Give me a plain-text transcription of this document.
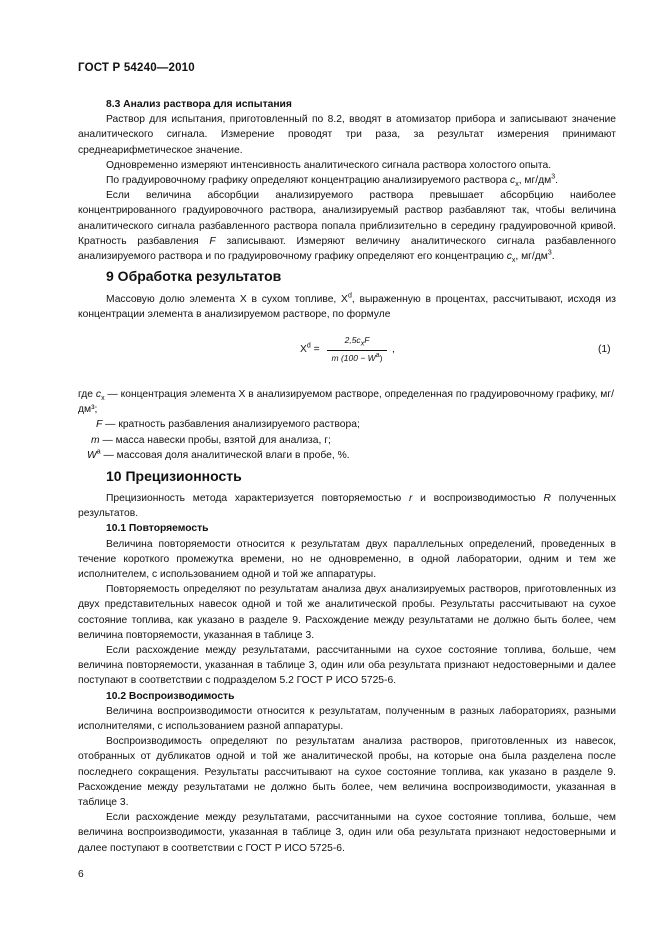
ГОСТ Р 54240—2010

8.3 Анализ раствора для испытания

Раствор для испытания, приготовленный по 8.2, вводят в атомизатор прибора и записывают значение аналитического сигнала. Измерение проводят три раза, за результат измерения принимают среднеарифметическое значение.

Одновременно измеряют интенсивность аналитического сигнала раствора холостого опыта.

По градуировочному графику определяют концентрацию анализируемого раствора $c_x$, $мг/дм^3$.

Если величина абсорбции анализируемого раствора превышает абсорбцию наиболее концентрированного градуировочного раствора, анализируемый раствор разбавляют так, чтобы величина аналитического сигнала разбавленного раствора попала приблизительно в середину градуировочной кривой. Кратность разбавления F записывают. Измеряют величину аналитического сигнала разбавленного анализируемого раствора и по градуировочному графику определяют его концентрацию $c_x$, $мг/дм^3$.

9 Обработка результатов

Массовую долю элемента X в сухом топливе, $X^d$, выраженную в процентах, рассчитывают, исходя из концентрации элемента в анализируемом растворе, по формуле

$X^d$ =
$2,5c_xF$
m $(100 - W^a)$
,	(1)
где $c_x$ — концентрация элемента X в анализируемом растворе, определенная по градуировочному графику, мг/дм³;
F — кратность разбавления анализируемого раствора;
m — масса навески пробы, взятой для анализа, г;
$W^a$ — массовая доля аналитической влаги в пробе, %.
10 Прецизионность

Прецизионность метода характеризуется повторяемостью r и воспроизводимостью R полученных результатов.

10.1 Повторяемость

Величина повторяемости относится к результатам двух параллельных определений, проведенных в течение короткого промежутка времени, но не одновременно, в одной лаборатории, одним и тем же исполнителем, с использованием одной и той же аппаратуры.

Повторяемость определяют по результатам анализа двух анализируемых растворов, приготовленных из двух представительных навесок одной и той же аналитической пробы. Результаты рассчитывают на сухое состояние топлива, как указано в разделе 9. Расхождение между результатами не должно быть более, чем величина повторяемости, указанная в таблице 3.

Если расхождение между результатами, рассчитанными на сухое состояние топлива, больше, чем величина повторяемости, указанная в таблице 3, один или оба результата признают недостоверными и далее поступают в соответствии с подразделом 5.2 ГОСТ Р ИСО 5725-6.

10.2 Воспроизводимость

Величина воспроизводимости относится к результатам, полученным в разных лабораториях, разными исполнителями, с использованием разной аппаратуры.

Воспроизводимость определяют по результатам анализа растворов, приготовленных из навесок, отобранных от дубликатов одной и той же аналитической пробы, на которые она была разделена после последнего сокращения. Результаты рассчитывают на сухое состояние топлива, как указано в разделе 9. Расхождение между результатами не должно быть более, чем величина воспроизводимости, указанная в таблице 3.

Если расхождение между результатами, рассчитанными на сухое состояние топлива, больше, чем величина воспроизводимости, указанная в таблице 3, один или оба результата признают недостоверными и далее поступают в соответствии с ГОСТ Р ИСО 5725-6.

6
